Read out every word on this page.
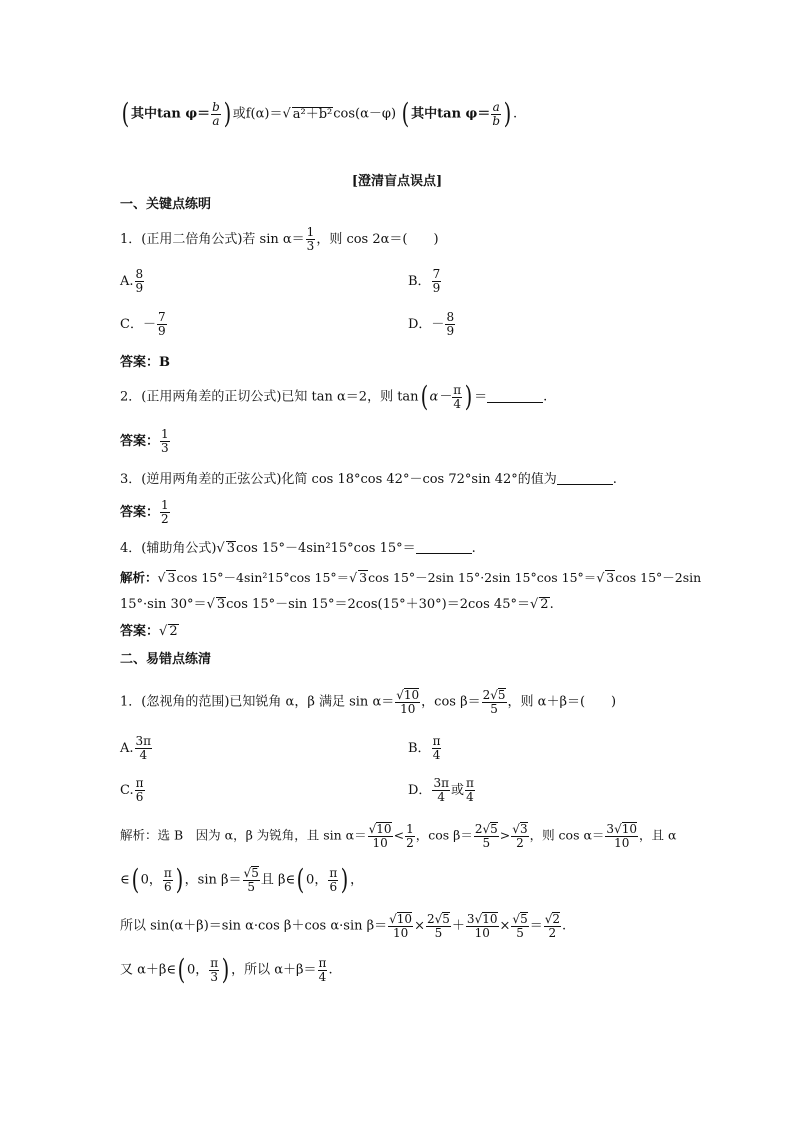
( 其中$\tan \varphi= \frac{b}{a}$ ) 或f(α)＝√ a²＋b²cos(α－φ) ( 其中$\tan \varphi= \frac{a}{b}$ ) .
[澄清盲点误点]
一、关键点练明
1．(正用二倍角公式)若 $\sin \alpha= \frac{1}{3}$ ，则 cos 2α＝(　　)
A. $\frac{8}{9}$	B． $\frac{7}{9}$
C．－ $\frac{7}{9}$	D．－ $\frac{8}{9}$
答案：B
2．(正用两角差的正切公式)已知 tan α＝2，则 tan( $\alpha- \frac{\pi}{4}$ ) ＝	.
答案： $\frac{1}{3}$
3．(逆用两角差的正弦公式)化简 cos 18°cos 42°－cos 72°sin 42°的值为	.
答案： $\frac{1}{2}$
4．(辅助角公式)√ 3cos 15°－4sin²15°cos 15°＝	.
解析：√ 3cos 15°－4sin²15°cos 15°＝√ 3cos 15°－2sin 15°·2sin 15°cos 15°＝√ 3cos 15°－2sin
15°·sin 30°＝√ 3cos 15°－sin 15°＝2cos(15°＋30°)＝2cos 45°＝√ 2.
答案：√ 2
二、易错点练清
1．(忽视角的范围)已知锐角 α，β 满足 $\sin \alpha= \frac{√10}{10}$ ，$\cos \beta= \frac{2√5}{5}$ ，则 α＋β＝(　　)
A. $\frac{3\pi}{4}$	B． $\frac{\pi}{4}$
C. $\frac{\pi}{6}$	D． $\frac{3\pi}{4}$ 或 $\frac{\pi}{4}$
解析：选 B　因为 α，β 为锐角，且 $\sin \alpha= \frac{√10}{10} < \frac{1}{2}$ ，$\cos \beta= \frac{2√5}{5} > \frac{√3}{2}$ ，则 $\cos \alpha= \frac{3√10}{10}$ ，且 α
∈( 0， $\frac{\pi}{6}$ ) ，$\sin \beta= \frac{√5}{5}$ 且 β∈( 0， $\frac{\pi}{6}$ ) ，
所以 sin(α＋β)＝sin α·cos β＋cos α·sin $\beta= \frac{√10}{10} \times \frac{2√5}{5} + \frac{3√10}{10} \times \frac{√5}{5} = \frac{√2}{2}$ .
又 α＋β∈( 0， $\frac{\pi}{3}$ ) ，所以 $\alpha+\beta= \frac{\pi}{4}$ .
